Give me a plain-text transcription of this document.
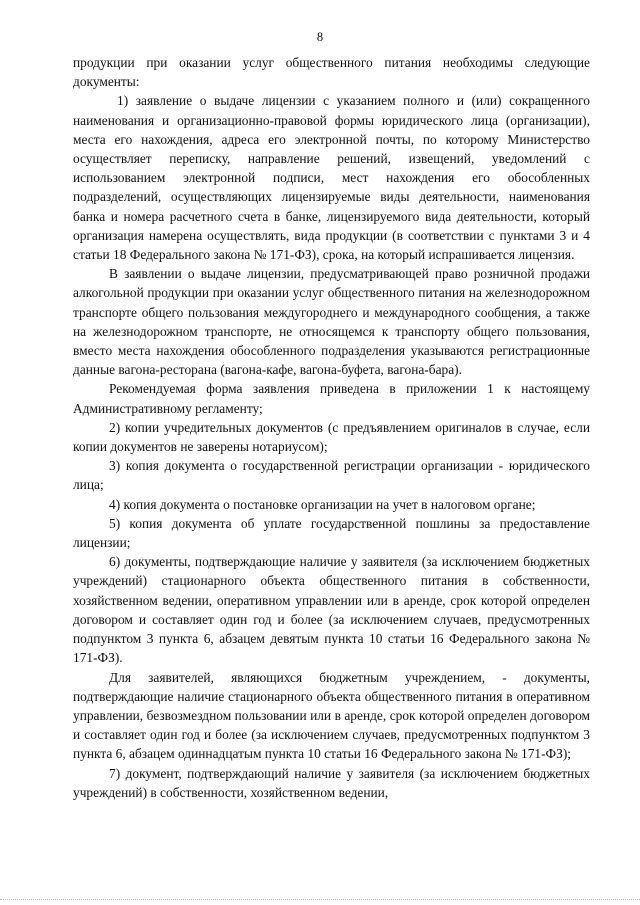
8

продукции при оказании услуг общественного питания необходимы следующие документы:

1) заявление о выдаче лицензии с указанием полного и (или) сокращенного наименования и организационно-правовой формы юридического лица (организации), места его нахождения, адреса его электронной почты, по которому Министерство осуществляет переписку, направление решений, извещений, уведомлений с использованием электронной подписи, мест нахождения его обособленных подразделений, осуществляющих лицензируемые виды деятельности, наименования банка и номера расчетного счета в банке, лицензируемого вида деятельности, который организация намерена осуществлять, вида продукции (в соответствии с пунктами 3 и 4 статьи 18 Федерального закона № 171-ФЗ), срока, на который испрашивается лицензия.

В заявлении о выдаче лицензии, предусматривающей право розничной продажи алкогольной продукции при оказании услуг общественного питания на железнодорожном транспорте общего пользования междугороднего и международного сообщения, а также на железнодорожном транспорте, не относящемся к транспорту общего пользования, вместо места нахождения обособленного подразделения указываются регистрационные данные вагона-ресторана (вагона-кафе, вагона-буфета, вагона-бара).

Рекомендуемая форма заявления приведена в приложении 1 к настоящему Административному регламенту;

2) копии учредительных документов (с предъявлением оригиналов в случае, если копии документов не заверены нотариусом);

3) копия документа о государственной регистрации организации - юридического лица;

4) копия документа о постановке организации на учет в налоговом органе;

5) копия документа об уплате государственной пошлины за предоставление лицензии;

6) документы, подтверждающие наличие у заявителя (за исключением бюджетных учреждений) стационарного объекта общественного питания в собственности, хозяйственном ведении, оперативном управлении или в аренде, срок которой определен договором и составляет один год и более (за исключением случаев, предусмотренных подпунктом 3 пункта 6, абзацем девятым пункта 10 статьи 16 Федерального закона № 171-ФЗ).

Для заявителей, являющихся бюджетным учреждением, - документы, подтверждающие наличие стационарного объекта общественного питания в оперативном управлении, безвозмездном пользовании или в аренде, срок которой определен договором и составляет один год и более (за исключением случаев, предусмотренных подпунктом 3 пункта 6, абзацем одиннадцатым пункта 10 статьи 16 Федерального закона № 171-ФЗ);

7) документ, подтверждающий наличие у заявителя (за исключением бюджетных учреждений) в собственности, хозяйственном ведении,
